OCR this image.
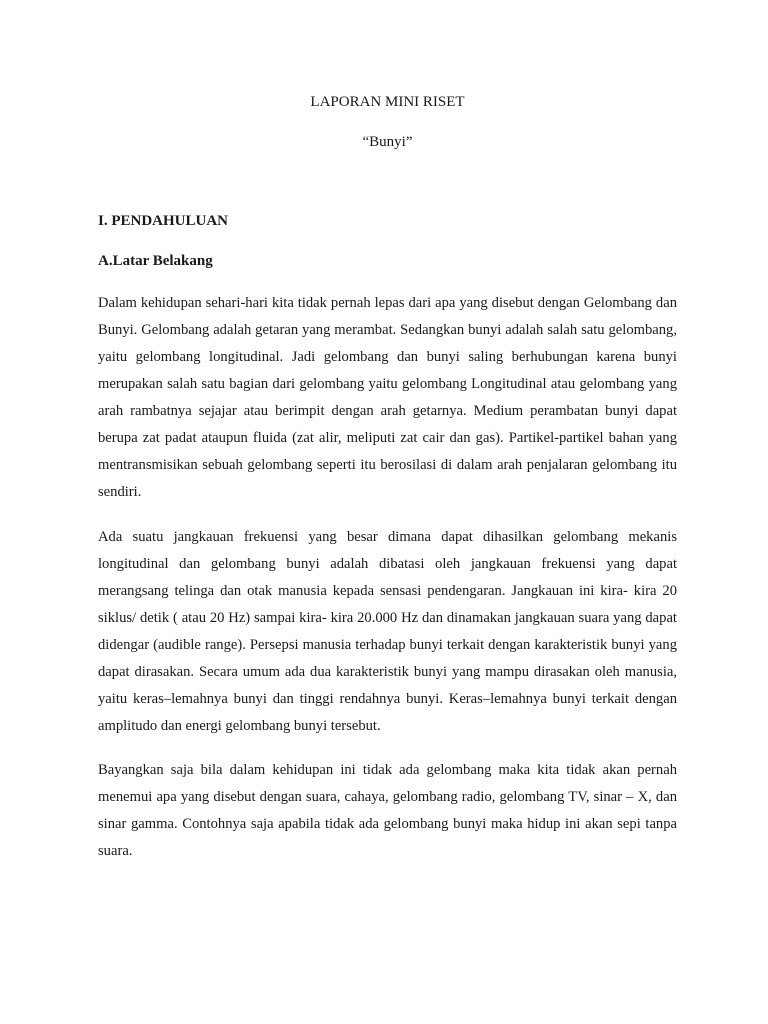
LAPORAN MINI RISET
“Bunyi”
I. PENDAHULUAN
A.Latar Belakang

Dalam kehidupan sehari-hari kita tidak pernah lepas dari apa yang disebut dengan Gelombang dan Bunyi. Gelombang adalah getaran yang merambat. Sedangkan bunyi adalah salah satu gelombang, yaitu gelombang longitudinal. Jadi gelombang dan bunyi saling berhubungan karena bunyi merupakan salah satu bagian dari gelombang yaitu gelombang Longitudinal atau gelombang yang arah rambatnya sejajar atau berimpit dengan arah getarnya. Medium perambatan bunyi dapat berupa zat padat ataupun fluida (zat alir, meliputi zat cair dan gas). Partikel-partikel bahan yang mentransmisikan sebuah gelombang seperti itu berosilasi di dalam arah penjalaran gelombang itu sendiri.

Ada suatu jangkauan frekuensi yang besar dimana dapat dihasilkan gelombang mekanis longitudinal dan gelombang bunyi adalah dibatasi oleh jangkauan frekuensi yang dapat merangsang telinga dan otak manusia kepada sensasi pendengaran. Jangkauan ini kira- kira 20 siklus/ detik ( atau 20 Hz) sampai kira- kira 20.000 Hz dan dinamakan jangkauan suara yang dapat didengar (audible range). Persepsi manusia terhadap bunyi terkait dengan karakteristik bunyi yang dapat dirasakan. Secara umum ada dua karakteristik bunyi yang mampu dirasakan oleh manusia, yaitu keras–lemahnya bunyi dan tinggi rendahnya bunyi. Keras–lemahnya bunyi terkait dengan amplitudo dan energi gelombang bunyi tersebut.

Bayangkan saja bila dalam kehidupan ini tidak ada gelombang maka kita tidak akan pernah menemui apa yang disebut dengan suara, cahaya, gelombang radio, gelombang TV, sinar – X, dan sinar gamma. Contohnya saja apabila tidak ada gelombang bunyi maka hidup ini akan sepi tanpa suara.
